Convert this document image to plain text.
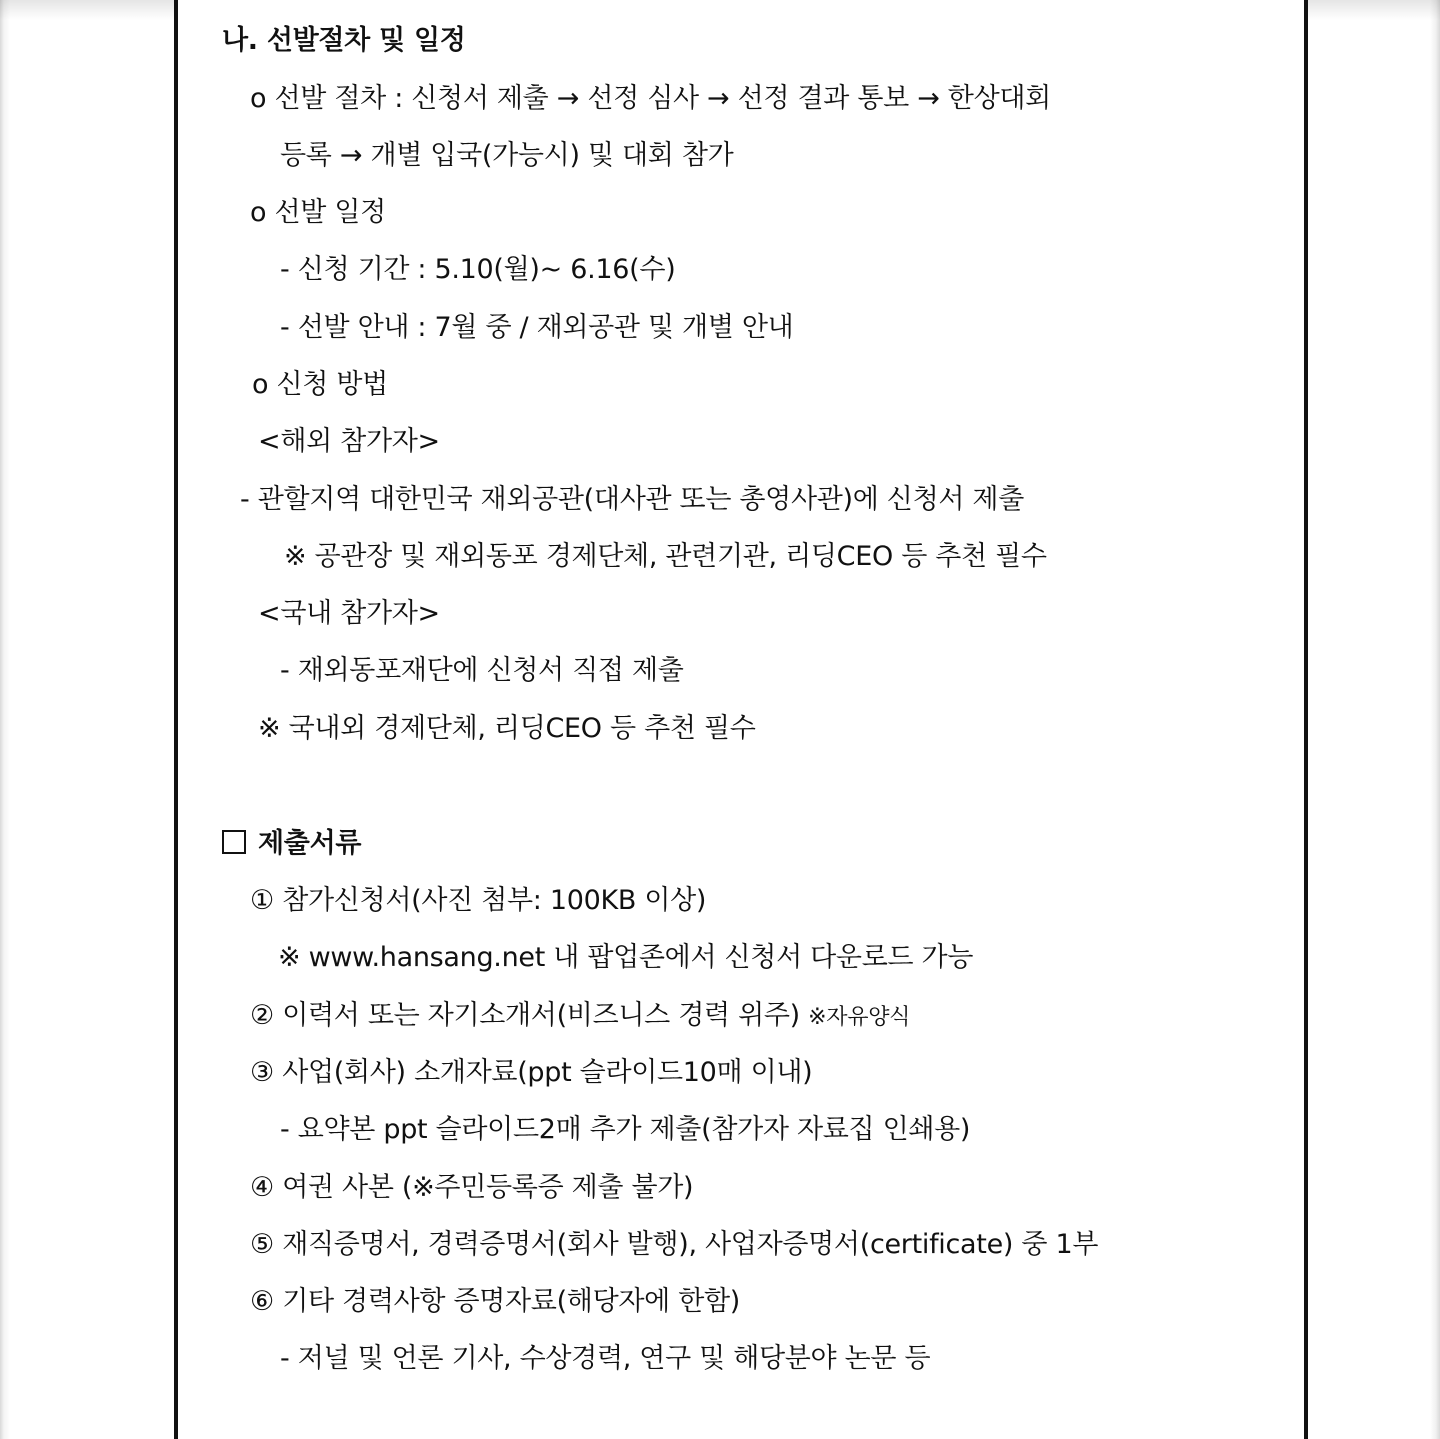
나. 선발절차 및 일정
o 선발 절차 : 신청서 제출 → 선정 심사 → 선정 결과 통보 → 한상대회
등록 → 개별 입국(가능시) 및 대회 참가
o 선발 일정
- 신청 기간 : 5.10(월)~ 6.16(수)
- 선발 안내 : 7월 중 / 재외공관 및 개별 안내
o 신청 방법
<해외 참가자>
- 관할지역 대한민국 재외공관(대사관 또는 총영사관)에 신청서 제출
※ 공관장 및 재외동포 경제단체, 관련기관, 리딩CEO 등 추천 필수
<국내 참가자>
- 재외동포재단에 신청서 직접 제출
※ 국내외 경제단체, 리딩CEO 등 추천 필수
제출서류
① 참가신청서(사진 첨부: 100KB 이상)
※ www.hansang.net 내 팝업존에서 신청서 다운로드 가능
② 이력서 또는 자기소개서(비즈니스 경력 위주) ※자유양식
③ 사업(회사) 소개자료(ppt 슬라이드10매 이내)
- 요약본 ppt 슬라이드2매 추가 제출(참가자 자료집 인쇄용)
④ 여권 사본 (※주민등록증 제출 불가)
⑤ 재직증명서, 경력증명서(회사 발행), 사업자증명서(certificate) 중 1부
⑥ 기타 경력사항 증명자료(해당자에 한함)
- 저널 및 언론 기사, 수상경력, 연구 및 해당분야 논문 등
